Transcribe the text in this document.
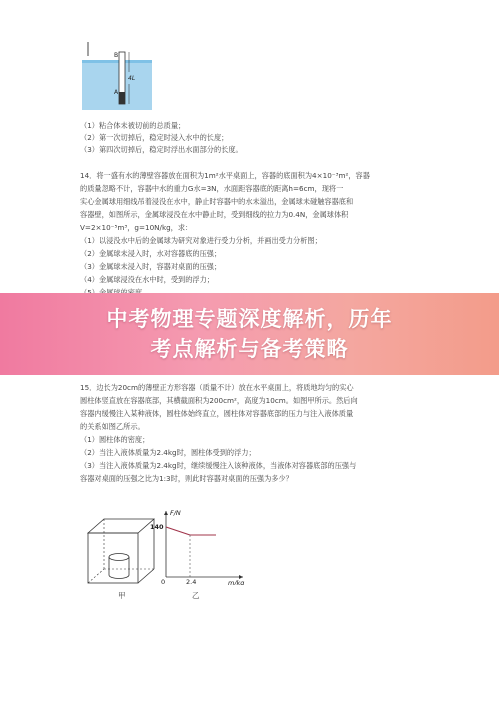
B
A
4L
（1）粘合体未被切前的总质量；
（2）第一次切掉后，稳定时浸入水中的长度；
（3）第四次切掉后，稳定时浮出水面部分的长度。
14．将一盛有水的薄壁容器放在面积为1m²水平桌面上，容器的底面积为4×10⁻³m²，容器
的质量忽略不计，容器中水的重力G水=3N，水面距容器底的距离h=6cm，现将一
实心金属球用细线吊着浸没在水中，静止时容器中的水未溢出，金属球未碰触容器底和
容器壁，如图所示，金属球浸没在水中静止时，受到细线的拉力为0.4N，金属球体积
V=2×10⁻⁵m³，g=10N/kg，求：
（1）以浸没水中后的金属球为研究对象进行受力分析，并画出受力分析图；
（2）金属球未浸入时，水对容器底的压强；
（3）金属球未浸入时，容器对桌面的压强；
（4）金属球浸没在水中时，受到的浮力；
中考物理专题深度解析，历年
考点解析与备考策略
15．边长为20cm的薄壁正方形容器（质量不计）放在水平桌面上，将质地均匀的实心
圆柱体竖直放在容器底部，其横截面积为200cm²，高度为10cm。如图甲所示。然后向
容器内缓慢注入某种液体，圆柱体始终直立，圆柱体对容器底部的压力与注入液体质量
的关系如图乙所示。
（1）圆柱体的密度；
（2）当注入液体质量为2.4kg时，圆柱体受到的浮力；
（3）当注入液体质量为2.4kg时，继续缓慢注入该种液体，当液体对容器底部的压强与
容器对桌面的压强之比为1:3时，则此时容器对桌面的压强为多少？
F/N
m/kg
140
2.4
0
甲	乙
